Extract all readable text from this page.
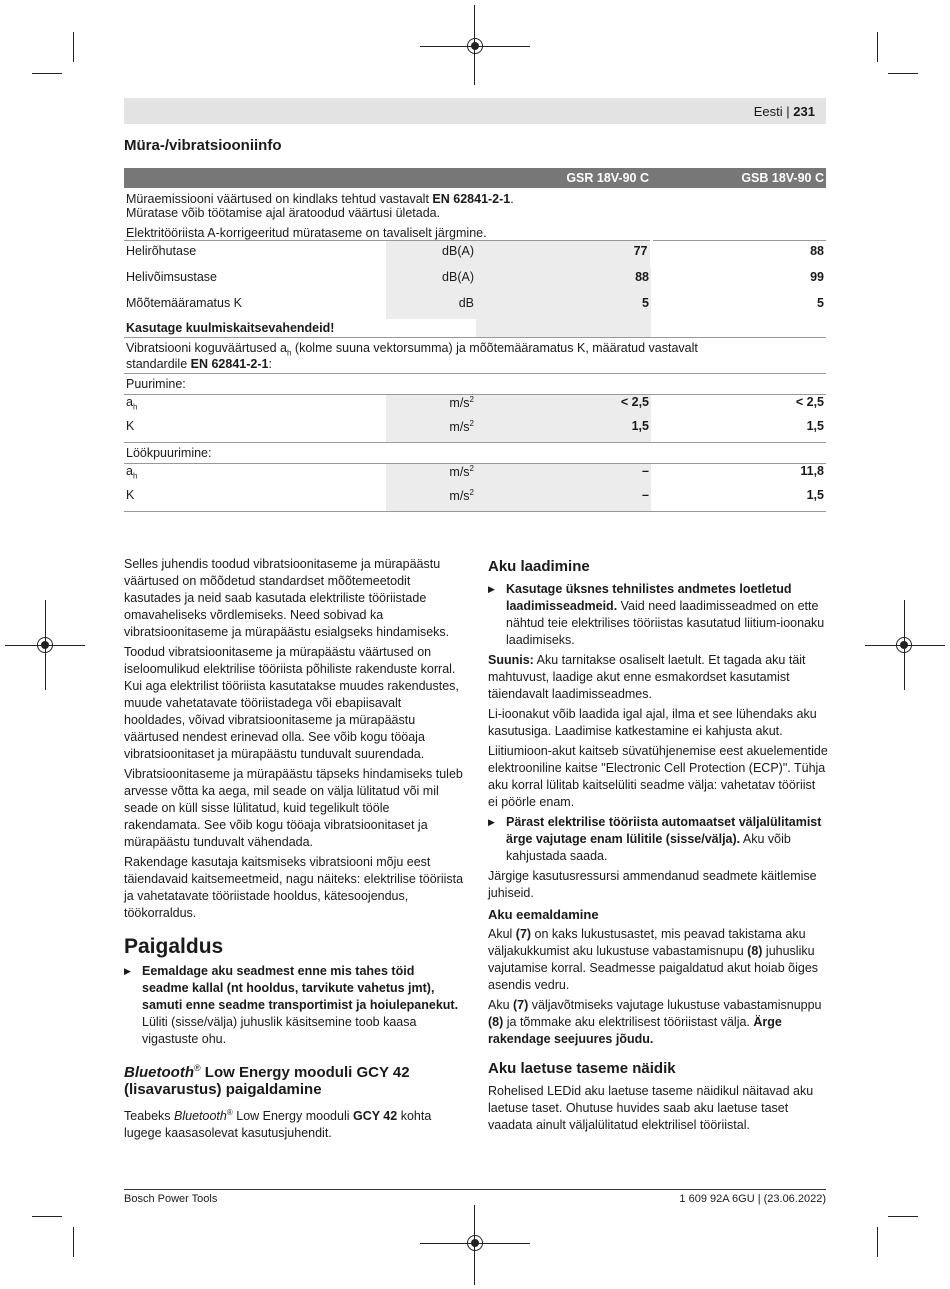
Eesti | 231
Müra-/vibratsiooniinfo
		GSR 18V-90 C	GSB 18V-90 C
Müraemissiooni väärtused on kindlaks tehtud vastavalt EN 62841-2-1.
Müratase võib töötamise ajal äratoodud väärtusi ületada.			
Elektritööriista A-korrigeeritud mürataseme on tavaliselt järgmine.			
Helirõhutase	dB(A)	77	88
Helivõimsustase	dB(A)	88	99
Mõõtemääramatus K	dB	5	5
Kasutage kuulmiskaitsevahendeid!			
Vibratsiooni koguväärtused $a_h$ (kolme suuna vektorsumma) ja mõõtemääramatus K, määratud vastavalt
standardile EN 62841-2-1:			
Puurimine:			
$a_h$	$m/s^2$	< 2,5	< 2,5
K	$m/s^2$	1,5	1,5
Löökpuurimine:			
$a_h$	$m/s^2$	–	11,8
K	$m/s^2$	–	1,5

Selles juhendis toodud vibratsioonitaseme ja mürapäästu väärtused on mõõdetud standardset mõõtemeetodit kasutades ja neid saab kasutada elektriliste tööriistade omavaheliseks võrdlemiseks. Need sobivad ka vibratsioonitaseme ja mürapäästu esialgseks hindamiseks.

Toodud vibratsioonitaseme ja mürapäästu väärtused on iseloomulikud elektrilise tööriista põhiliste rakenduste korral. Kui aga elektrilist tööriista kasutatakse muudes rakendustes, muude vahetatavate tööriistadega või ebapiisavalt hooldades, võivad vibratsioonitaseme ja mürapäästu väärtused nendest erinevad olla. See võib kogu tööaja vibratsioonitaset ja mürapäästu tunduvalt suurendada.

Vibratsioonitaseme ja mürapäästu täpseks hindamiseks tuleb arvesse võtta ka aega, mil seade on välja lülitatud või mil seade on küll sisse lülitatud, kuid tegelikult tööle rakendamata. See võib kogu tööaja vibratsioonitaset ja mürapäästu tunduvalt vähendada.

Rakendage kasutaja kaitsmiseks vibratsiooni mõju eest täiendavaid kaitsemeetmeid, nagu näiteks: elektrilise tööriista ja vahetatavate tööriistade hooldus, kätesoojendus, töökorraldus.

Paigaldus
▶ Eemaldage aku seadmest enne mis tahes töid seadme kallal (nt hooldus, tarvikute vahetus jmt), samuti enne seadme transportimist ja hoiulepanekut. Lüliti (sisse/välja) juhuslik käsitsemine toob kaasa vigastuste ohu.
Bluetooth® Low Energy mooduli GCY 42 (lisavarustus) paigaldamine

Teabeks Bluetooth® Low Energy mooduli GCY 42 kohta lugege kaasasolevat kasutusjuhendit.

Aku laadimine
▶ Kasutage üksnes tehnilistes andmetes loetletud laadimisseadmeid. Vaid need laadimisseadmed on ette nähtud teie elektrilises tööriistas kasutatud liitium-ioonaku laadimiseks.

Suunis: Aku tarnitakse osaliselt laetult. Et tagada aku täit mahtuvust, laadige akut enne esmakordset kasutamist täiendavalt laadimisseadmes.

Li-ioonakut võib laadida igal ajal, ilma et see lühendaks aku kasutusiga. Laadimise katkestamine ei kahjusta akut.

Liitiumioon-akut kaitseb süvatühjenemise eest akuelementide elektrooniline kaitse "Electronic Cell Protection (ECP)". Tühja aku korral lülitab kaitselüliti seadme välja: vahetatav tööriist ei pöörle enam.

▶ Pärast elektrilise tööriista automaatset väljalülitamist ärge vajutage enam lülitile (sisse/välja). Aku võib kahjustada saada.

Järgige kasutusressursi ammendanud seadmete käitlemise juhiseid.

Aku eemaldamine

Akul (7) on kaks lukustusastet, mis peavad takistama aku väljakukkumist aku lukustuse vabastamisnupu (8) juhusliku vajutamise korral. Seadmesse paigaldatud akut hoiab õiges asendis vedru.

Aku (7) väljavõtmiseks vajutage lukustuse vabastamisnuppu (8) ja tõmmake aku elektrilisest tööriistast välja. Ärge rakendage seejuures jõudu.

Aku laetuse taseme näidik

Rohelised LEDid aku laetuse taseme näidikul näitavad aku laetuse taset. Ohutuse huvides saab aku laetuse taset vaadata ainult väljalülitatud elektrilisel tööriistal.

Bosch Power Tools	1 609 92A 6GU | (23.06.2022)
